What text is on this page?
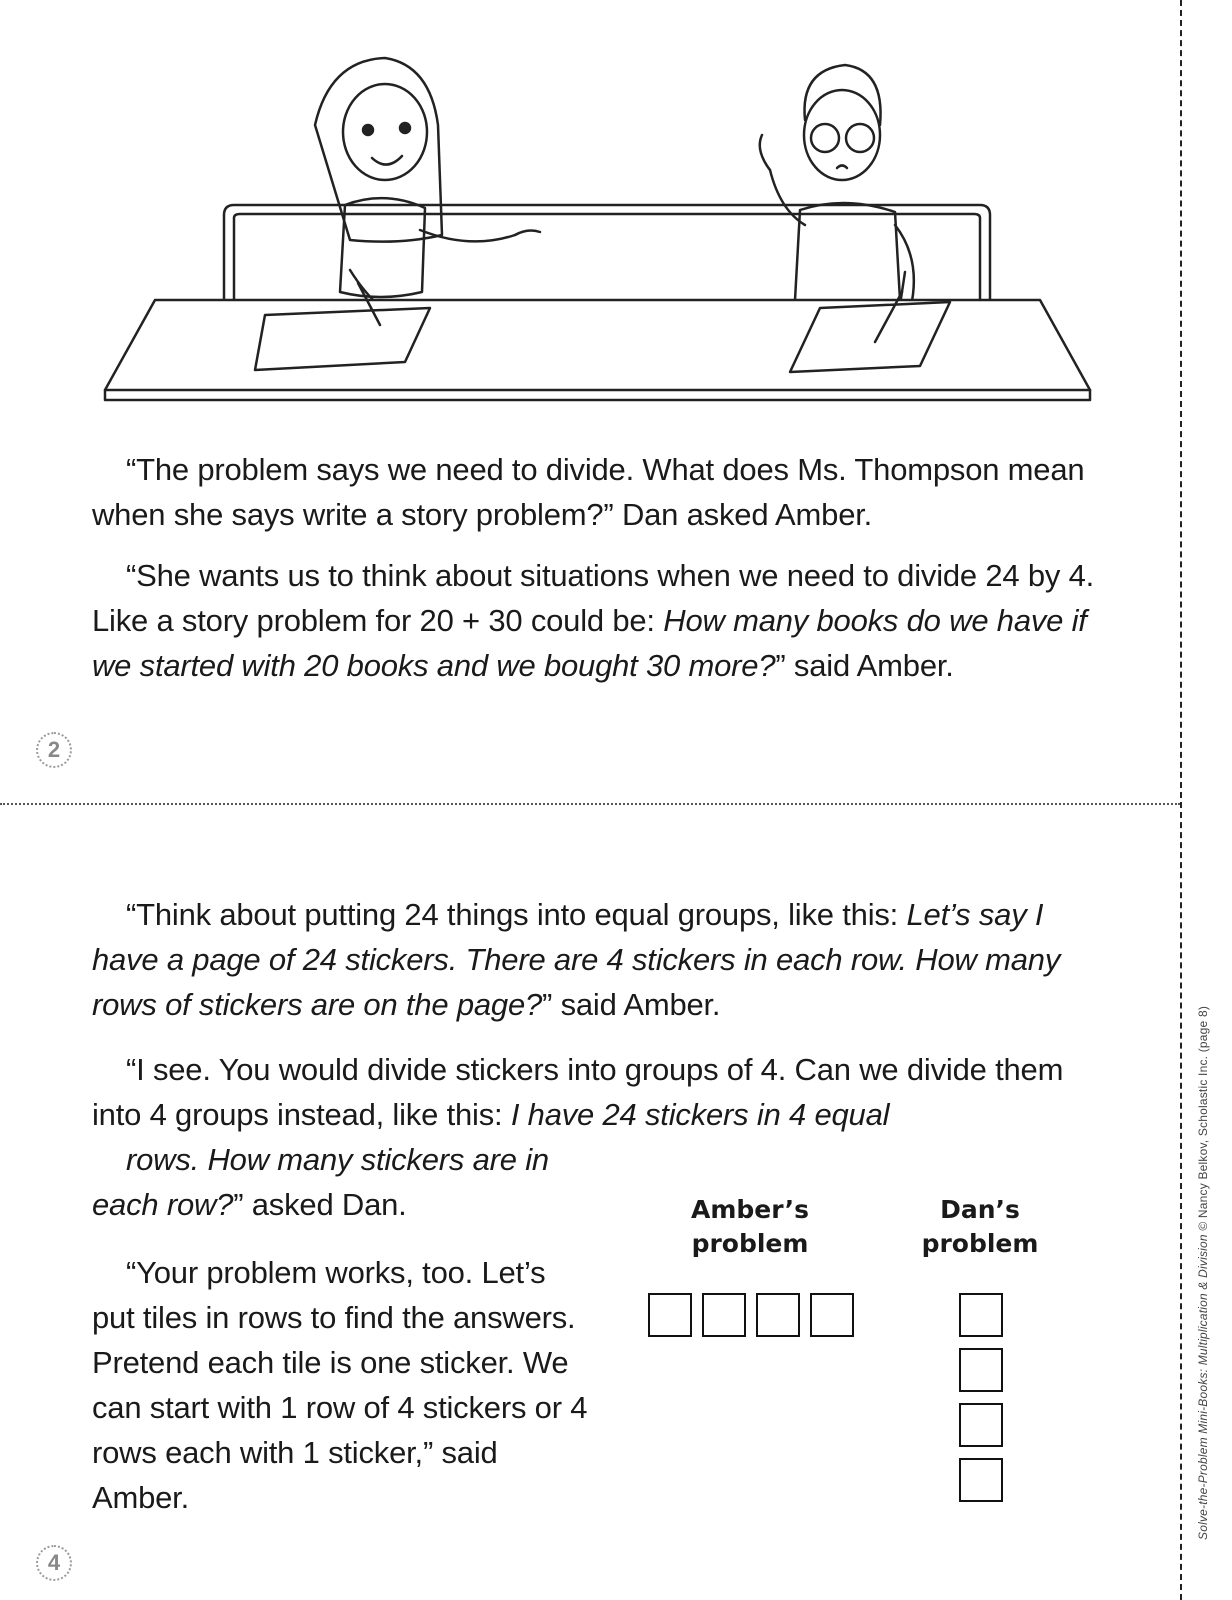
“The problem says we need to divide. What does Ms. Thompson mean when she says write a story problem?” Dan asked Amber.

“She wants us to think about situations when we need to divide 24 by 4. Like a story problem for 20 + 30 could be: How many books do we have if we started with 20 books and we bought 30 more?” said Amber.

2

“Think about putting 24 things into equal groups, like this: Let’s say I have a page of 24 stickers. There are 4 stickers in each row. How many rows of stickers are on the page?” said Amber.

“I see. You would divide stickers into groups of 4. Can we divide them into 4 groups instead, like this: I have 24 stickers in 4 equal
rows. How many stickers are in each row?” asked Dan.

“Your problem works, too. Let’s put tiles in rows to find the answers. Pretend each tile is one sticker. We can start with 1 row of 4 stickers or 4 rows each with 1 sticker,” said Amber.

Amber’s problem
Dan’s problem
4
Solve-the-Problem Mini-Books: Multiplication & Division © Nancy Belkov, Scholastic Inc. (page 8)
